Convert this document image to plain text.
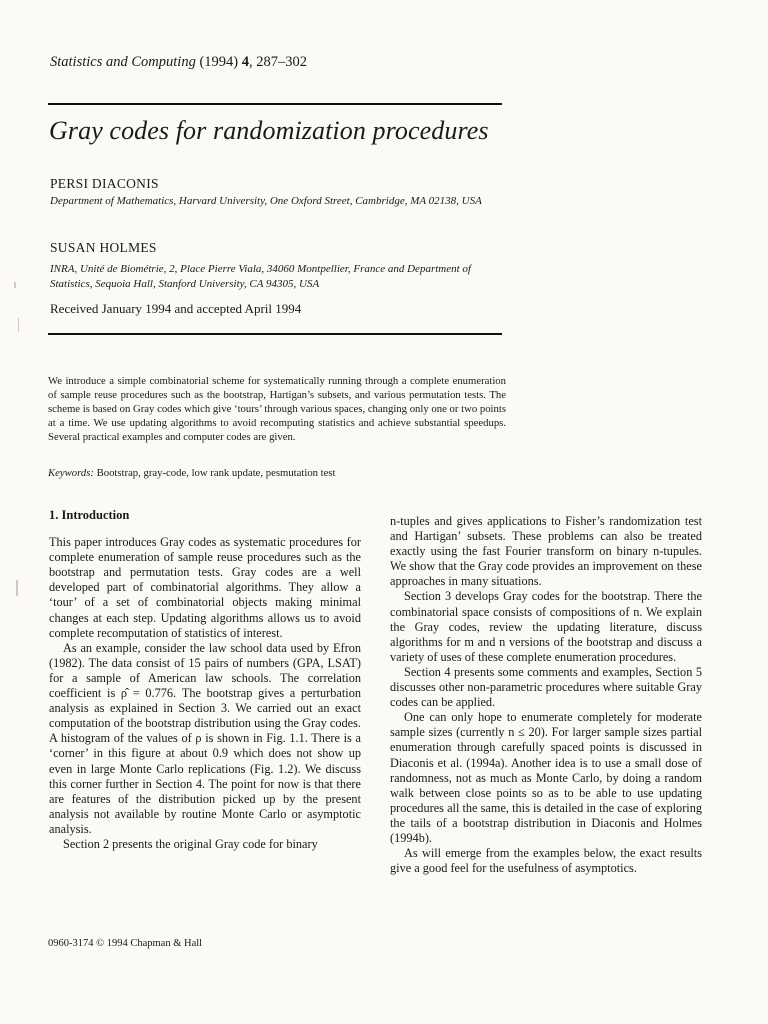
Statistics and Computing (1994) 4, 287–302
Gray codes for randomization procedures
PERSI DIACONIS
Department of Mathematics, Harvard University, One Oxford Street, Cambridge, MA 02138, USA
SUSAN HOLMES
INRA, Unité de Biométrie, 2, Place Pierre Viala, 34060 Montpellier, France and Department of Statistics, Sequoia Hall, Stanford University, CA 94305, USA
Received January 1994 and accepted April 1994
We introduce a simple combinatorial scheme for systematically running through a complete enumeration of sample reuse procedures such as the bootstrap, Hartigan’s subsets, and various permutation tests. The scheme is based on Gray codes which give ‘tours’ through various spaces, changing only one or two points at a time. We use updating algorithms to avoid recomputing statistics and achieve substantial speedups. Several practical examples and computer codes are given.
Keywords: Bootstrap, gray-code, low rank update, pesmutation test
1. Introduction

This paper introduces Gray codes as systematic procedures for complete enumeration of sample reuse procedures such as the bootstrap and permutation tests. Gray codes are a well developed part of combinatorial algorithms. They allow a ‘tour’ of a set of combinatorial objects making minimal changes at each step. Updating algorithms allows us to avoid complete recomputation of statistics of interest.

As an example, consider the law school data used by Efron (1982). The data consist of 15 pairs of numbers (GPA, LSAT) for a sample of American law schools. The correlation coefficient is ρ̂ = 0.776. The bootstrap gives a perturbation analysis as explained in Section 3. We carried out an exact computation of the bootstrap distribution using the Gray codes. A histogram of the values of ρ is shown in Fig. 1.1. There is a ‘corner’ in this figure at about 0.9 which does not show up even in large Monte Carlo replications (Fig. 1.2). We discuss this corner further in Section 4. The point for now is that there are features of the distribution picked up by the present analysis not available by routine Monte Carlo or asymptotic analysis.

Section 2 presents the original Gray code for binary

n-tuples and gives applications to Fisher’s randomization test and Hartigan’ subsets. These problems can also be treated exactly using the fast Fourier transform on binary n-tupules. We show that the Gray code provides an improvement on these approaches in many situations.

Section 3 develops Gray codes for the bootstrap. There the combinatorial space consists of compositions of n. We explain the Gray codes, review the updating literature, discuss algorithms for m and n versions of the bootstrap and discuss a variety of uses of these complete enumeration procedures.

Section 4 presents some comments and examples, Section 5 discusses other non-parametric procedures where suitable Gray codes can be applied.

One can only hope to enumerate completely for moderate sample sizes (currently n ≤ 20). For larger sample sizes partial enumeration through carefully spaced points is discussed in Diaconis et al. (1994a). Another idea is to use a small dose of randomness, not as much as Monte Carlo, by doing a random walk between close points so as to be able to use updating procedures all the same, this is detailed in the case of exploring the tails of a bootstrap distribution in Diaconis and Holmes (1994b).

As will emerge from the examples below, the exact results give a good feel for the usefulness of asymptotics.

0960-3174 © 1994 Chapman & Hall
